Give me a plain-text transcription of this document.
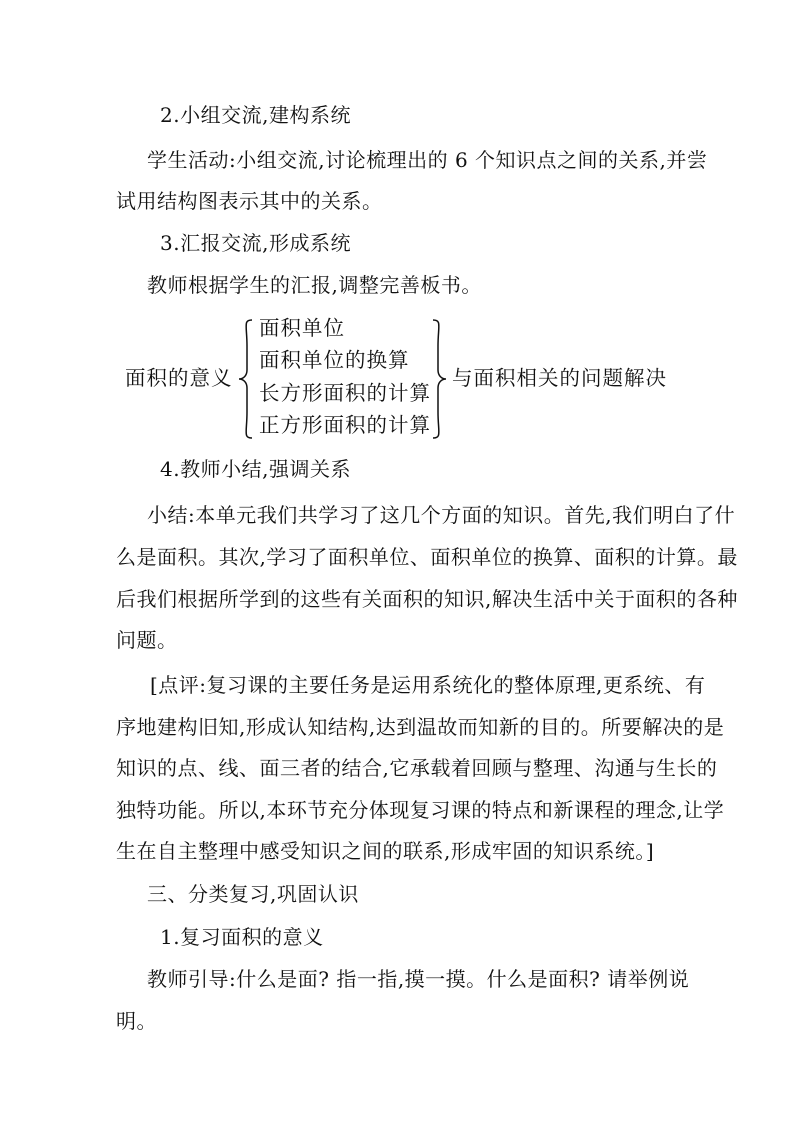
2.小组交流,建构系统
学生活动:小组交流,讨论梳理出的 6 个知识点之间的关系,并尝
试用结构图表示其中的关系。
3.汇报交流,形成系统
教师根据学生的汇报,调整完善板书。
面积的意义
面积单位
面积单位的换算
长方形面积的计算
正方形面积的计算
与面积相关的问题解决
4.教师小结,强调关系
小结:本单元我们共学习了这几个方面的知识。首先,我们明白了什
么是面积。其次,学习了面积单位、面积单位的换算、面积的计算。最
后我们根据所学到的这些有关面积的知识,解决生活中关于面积的各种
问题。
[点评:复习课的主要任务是运用系统化的整体原理,更系统、有
序地建构旧知,形成认知结构,达到温故而知新的目的。所要解决的是
知识的点、线、面三者的结合,它承载着回顾与整理、沟通与生长的
独特功能。所以,本环节充分体现复习课的特点和新课程的理念,让学
生在自主整理中感受知识之间的联系,形成牢固的知识系统。]
三、分类复习,巩固认识
1.复习面积的意义
教师引导:什么是面? 指一指,摸一摸。什么是面积? 请举例说
明。
